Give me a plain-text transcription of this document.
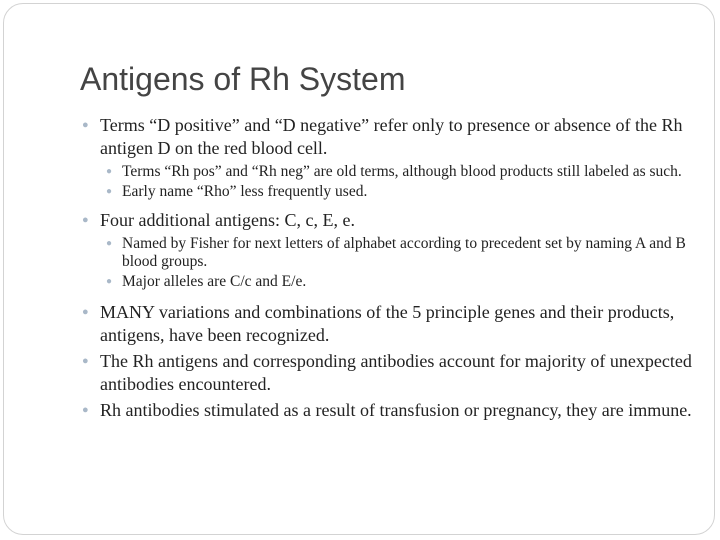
Antigens of Rh System
● Terms “D positive” and “D negative” refer only to presence or absence of the Rh antigen D on the red blood cell.
● Terms “Rh pos” and “Rh neg” are old terms, although blood products still labeled as such.
● Early name “Rho” less frequently used.
● Four additional antigens: C, c, E, e.
● Named by Fisher for next letters of alphabet according to precedent set by naming A and B blood groups.
● Major alleles are C/c and E/e.
● MANY variations and combinations of the 5 principle genes and their products, antigens, have been recognized.
● The Rh antigens and corresponding antibodies account for majority of unexpected antibodies encountered.
● Rh antibodies stimulated as a result of transfusion or pregnancy, they are immune.
